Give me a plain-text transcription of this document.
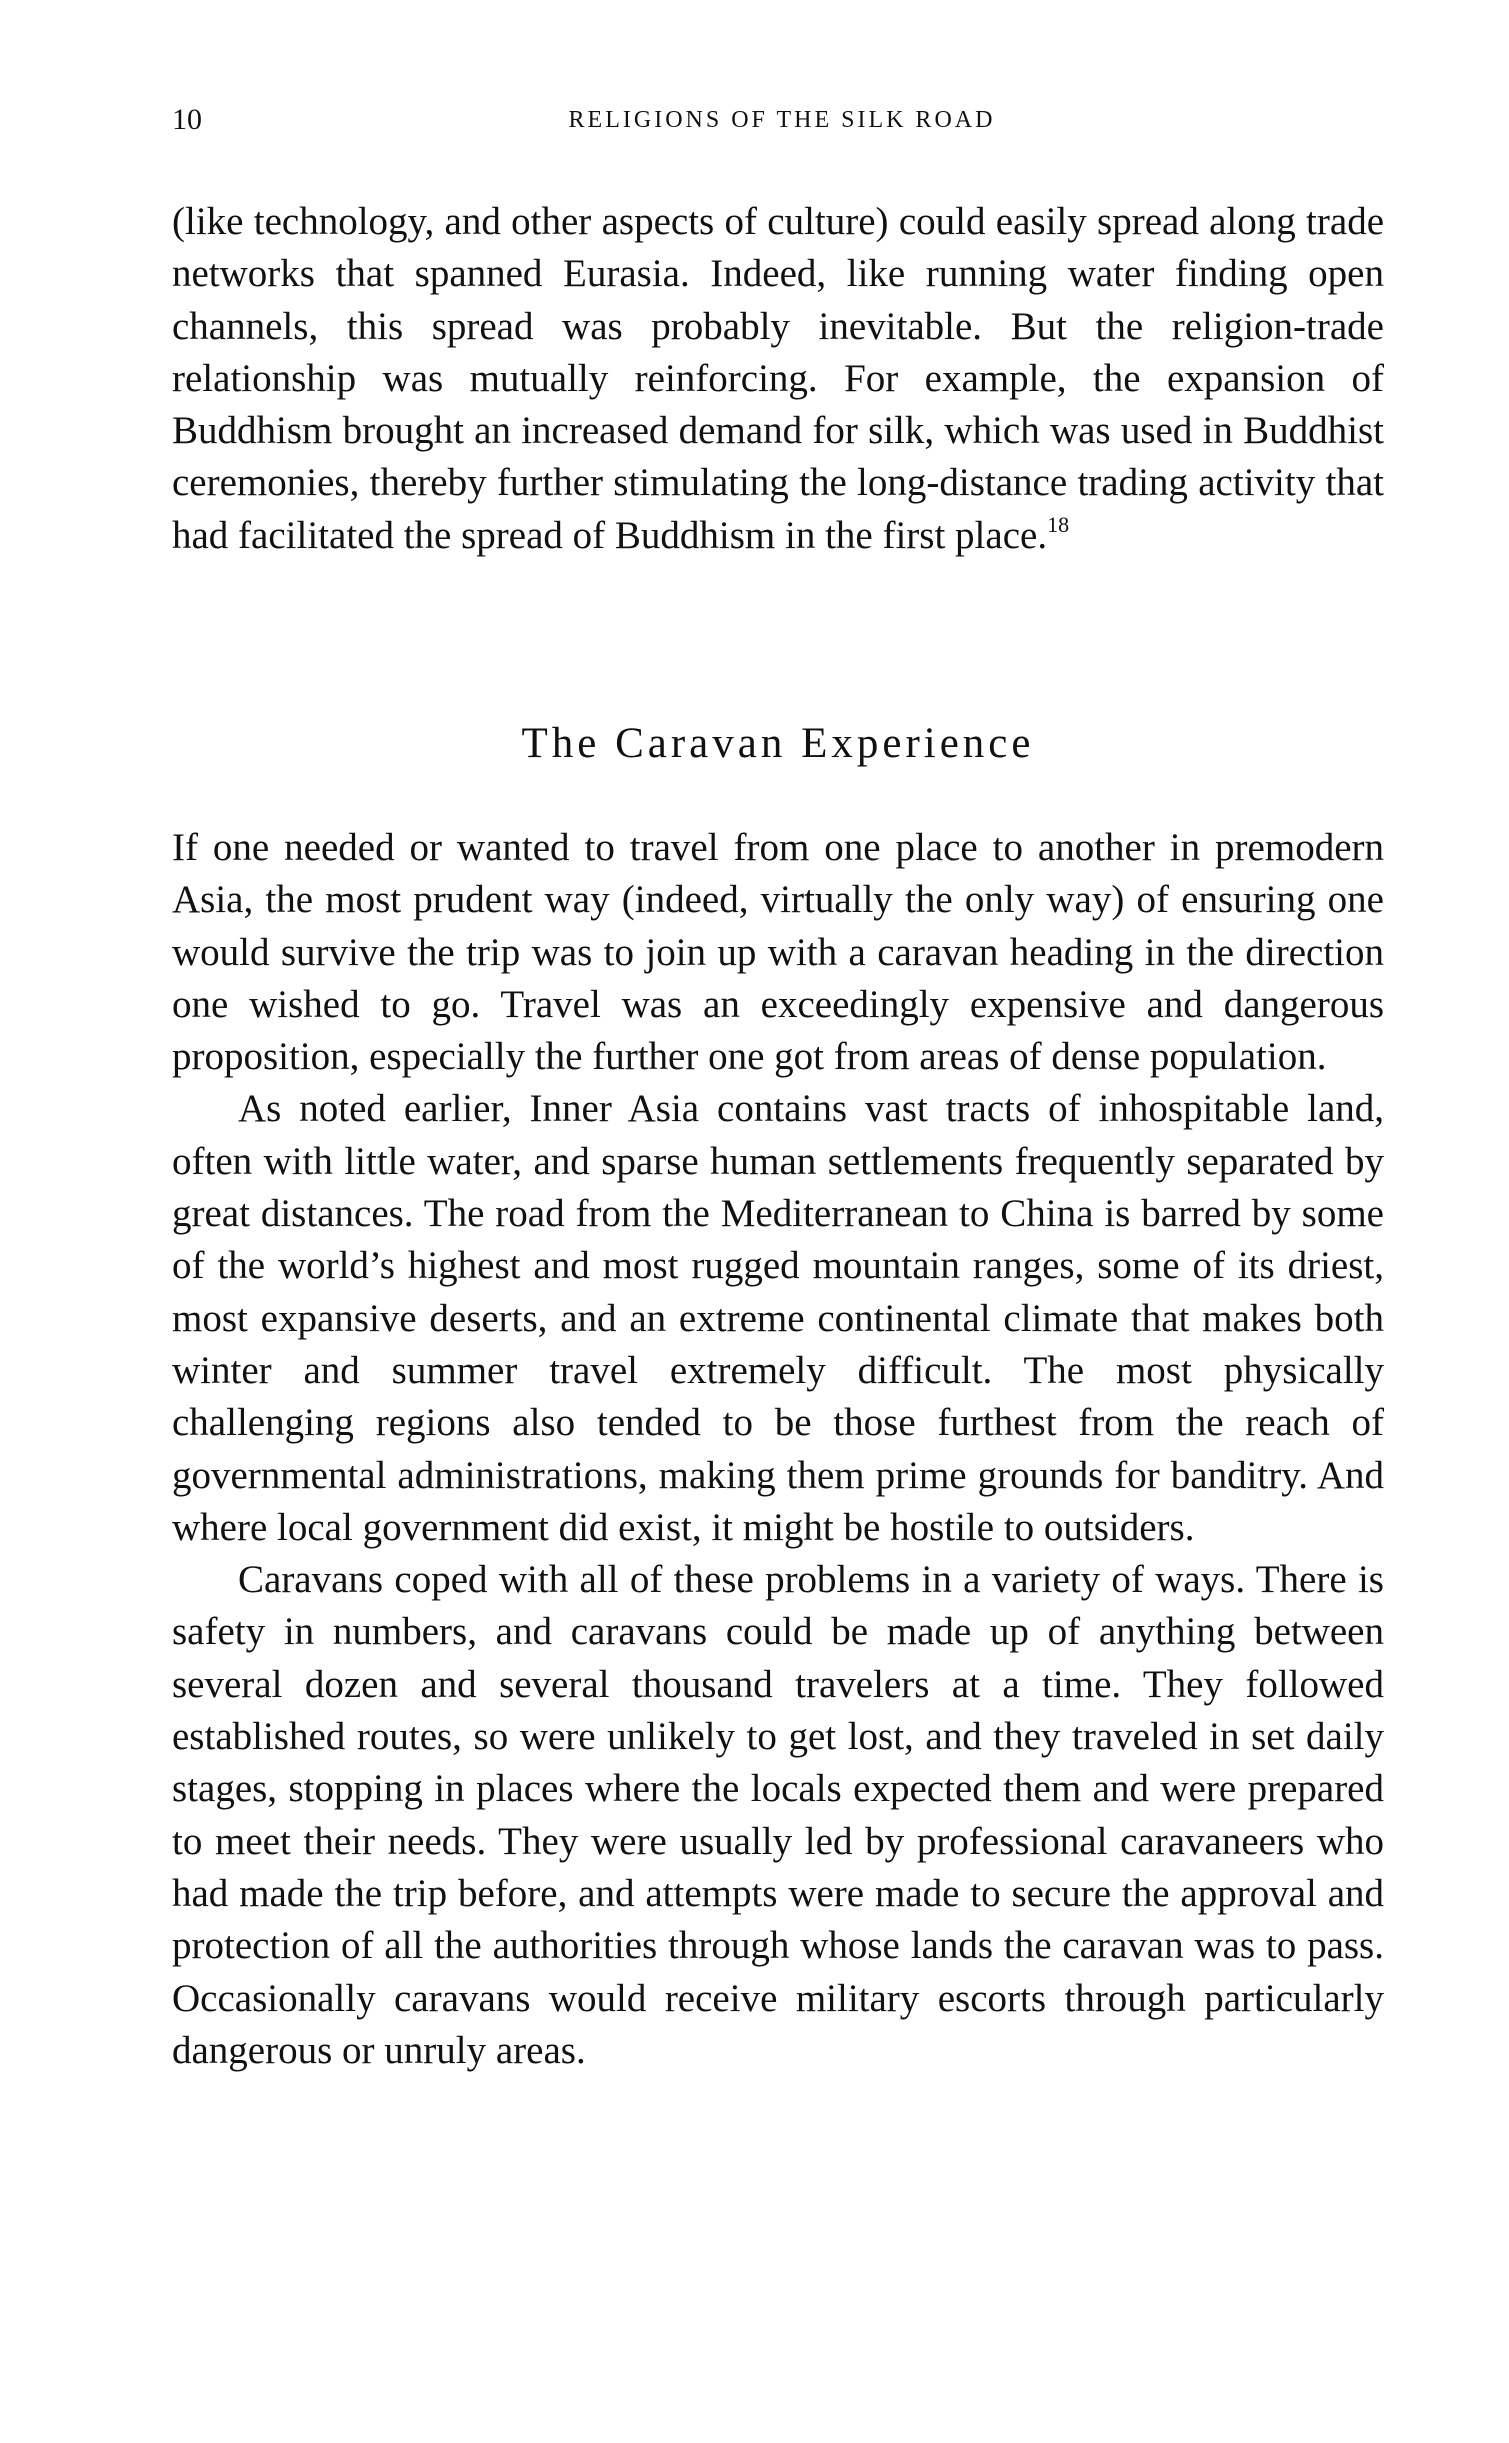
10	RELIGIONS OF THE SILK ROAD

(like technology, and other aspects of culture) could easily spread along trade networks that spanned Eurasia. Indeed, like running water finding open channels, this spread was probably inevitable. But the religion-trade relationship was mutually reinforcing. For example, the expansion of Buddhism brought an increased demand for silk, which was used in Buddhist ceremonies, thereby further stimulating the long-distance trading activity that had facilitated the spread of Buddhism in the first place.$^{18}$

The Caravan Experience

If one needed or wanted to travel from one place to another in premodern Asia, the most prudent way (indeed, virtually the only way) of ensuring one would survive the trip was to join up with a caravan heading in the direction one wished to go. Travel was an exceedingly expensive and dangerous proposition, especially the further one got from areas of dense population.

As noted earlier, Inner Asia contains vast tracts of inhospitable land, often with little water, and sparse human settlements frequently separated by great distances. The road from the Mediterranean to China is barred by some of the world’s highest and most rugged mountain ranges, some of its driest, most expansive deserts, and an extreme continental climate that makes both winter and summer travel extremely difficult. The most physically challenging regions also tended to be those furthest from the reach of governmental administrations, making them prime grounds for banditry. And where local government did exist, it might be hostile to outsiders.

Caravans coped with all of these problems in a variety of ways. There is safety in numbers, and caravans could be made up of anything between several dozen and several thousand travelers at a time. They followed established routes, so were unlikely to get lost, and they traveled in set daily stages, stopping in places where the locals expected them and were prepared to meet their needs. They were usually led by professional caravaneers who had made the trip before, and attempts were made to secure the approval and protection of all the authorities through whose lands the caravan was to pass. Occasionally caravans would receive military escorts through particularly dangerous or unruly areas.
